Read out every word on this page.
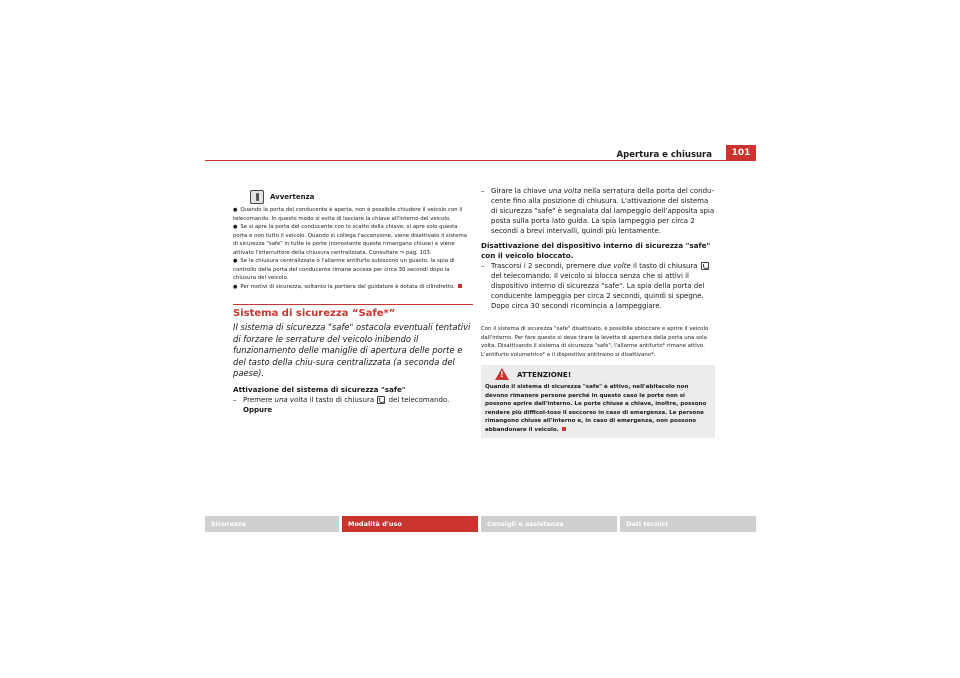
Apertura e chiusura	101
Avvertenza
● Quando la porta del conducente è aperta, non è possibile chiudere il veicolo con il telecomando. In questo modo si evita di lasciare la chiave all'interno del veicolo.
● Se si apre la porta del conducente con lo scatto della chiave, si apre solo questa porta e non tutto il veicolo. Quando si collega l'accensione, viene disattivato il sistema di sicurezza "safe" in tutte le porte (nonostante queste rimangano chiuse) e viene attivato l'interruttore della chiusura centralizzata. Consultare ⇒ pag. 103.
● Se la chiusura centralizzata o l'allarme antifurto subiscono un guasto, la spia di controllo della porta del conducente rimane accesa per circa 30 secondi dopo la chiusura del veicolo.
● Per motivi di sicurezza, soltanto la portiera del guidatore è dotata di cilindretto.
Sistema di sicurezza “Safe*”
Il sistema di sicurezza "safe" ostacola eventuali tentativi di forzare le serrature del veicolo inibendo il funzionamento delle maniglie di apertura delle porte e del tasto della chiu-sura centralizzata (a seconda del paese).
Attivazione del sistema di sicurezza "safe"
– Premere una volta il tasto di chiusura  del telecomando.
Oppure
– Girare la chiave una volta nella serratura della porta del condu-cente fino alla posizione di chiusura. L'attivazione del sistema di sicurezza "safe" è segnalata dal lampeggio dell'apposita spia posta sulla porta lato guida. La spia lampeggia per circa 2 secondi a brevi intervalli, quindi più lentamente.
Disattivazione del dispositivo interno di sicurezza "safe" con il veicolo bloccato.
– Trascorsi i 2 secondi, premere due volte il tasto di chiusura  del telecomando. Il veicolo si blocca senza che si attivi il dispositivo interno di sicurezza "safe". La spia della porta del conducente lampeggia per circa 2 secondi, quindi si spegne. Dopo circa 30 secondi ricomincia a lampeggiare.
Con il sistema di sicurezza "safe" disattivato, è possibile sbloccare e aprire il veicolo dall'interno. Per fare questo si deve tirare la levetta di apertura della porta una sola volta. Disattivando il sistema di sicurezza "safe", l'allarme antifurto* rimane attivo. L'antifurto volumetrico* e il dispositivo antitraino si disattivano*.
!
ATTENZIONE!
Quando il sistema di sicurezza "safe" è attivo, nell'abitacolo non devono rimanere persone perché in questo caso le porte non si possono aprire dall'interno. Le porte chiuse a chiave, inoltre, possono rendere più difficol-toso il soccorso in caso di emergenza. Le persone rimangono chiuse all'interno e, in caso di emergenza, non possono abbandonare il veicolo.
Sicurezza	Modalità d'uso	Consigli e assistenza	Dati tecnici
